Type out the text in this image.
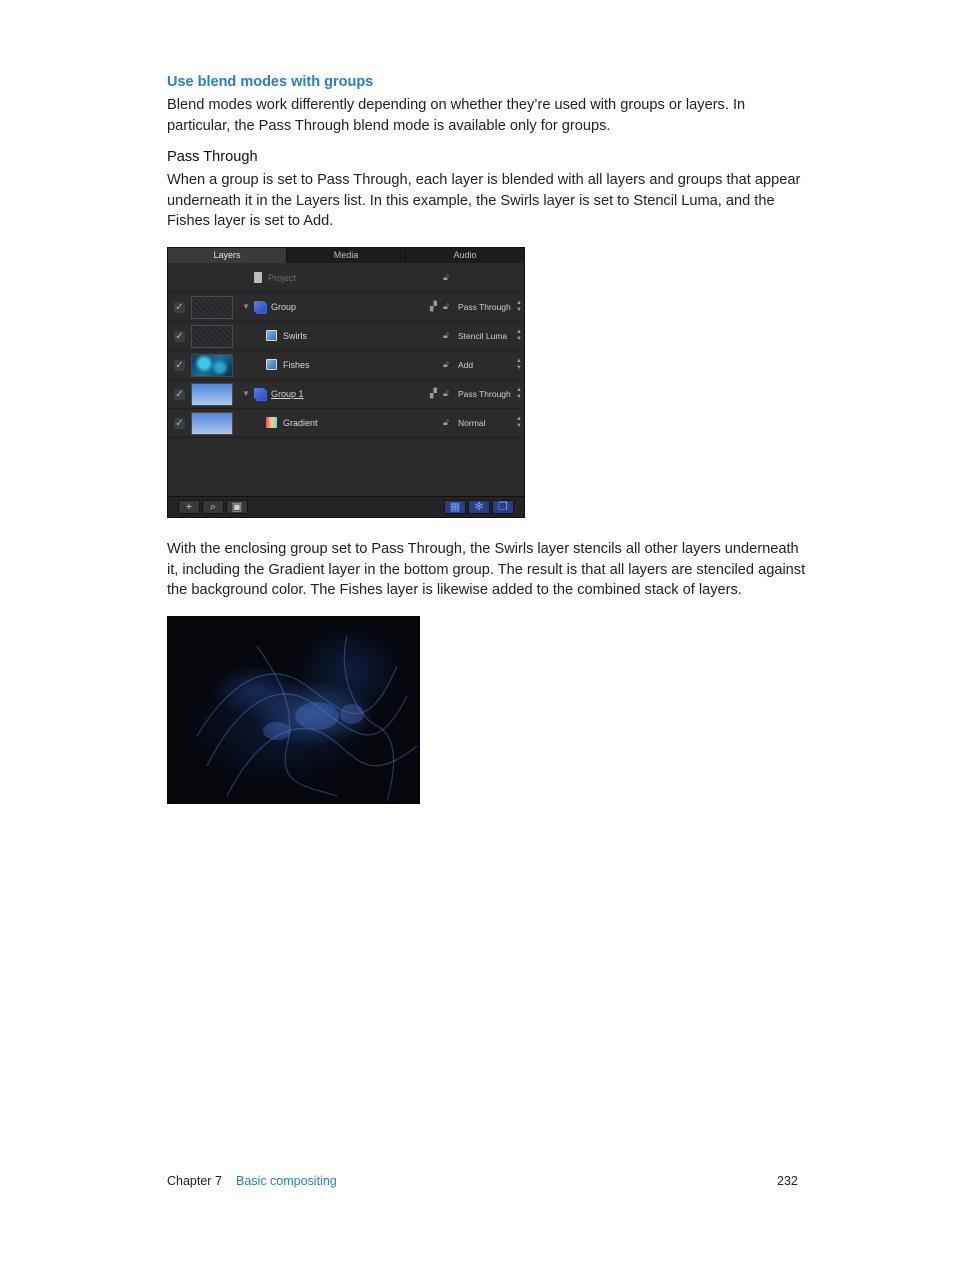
Use blend modes with groups

Blend modes work differently depending on whether they’re used with groups or layers. In particular, the Pass Through blend mode is available only for groups.

Pass Through

When a group is set to Pass Through, each layer is blended with all layers and groups that appear underneath it in the Layers list. In this example, the Swirls layer is set to Stencil Luma, and the Fishes layer is set to Add.

Layers	Media	Audio
Project	🔓︎
✓	▼ Group	▞ 🔓︎ Pass Through ▲
▼
✓	Swirls	🔓︎ Stencil Luma ▲
▼
✓	Fishes	🔓︎ Add	▲
▼
✓	▼ Group 1	▞ 🔓︎ Pass Through ▲
▼
✓	Gradient	🔓︎ Normal	▲
▼
+	⌕	▣	▦	✻	❐

With the enclosing group set to Pass Through, the Swirls layer stencils all other layers underneath it, including the Gradient layer in the bottom group. The result is that all layers are stenciled against the background color. The Fishes layer is likewise added to the combined stack of layers.

Chapter 7 Basic compositing	232
